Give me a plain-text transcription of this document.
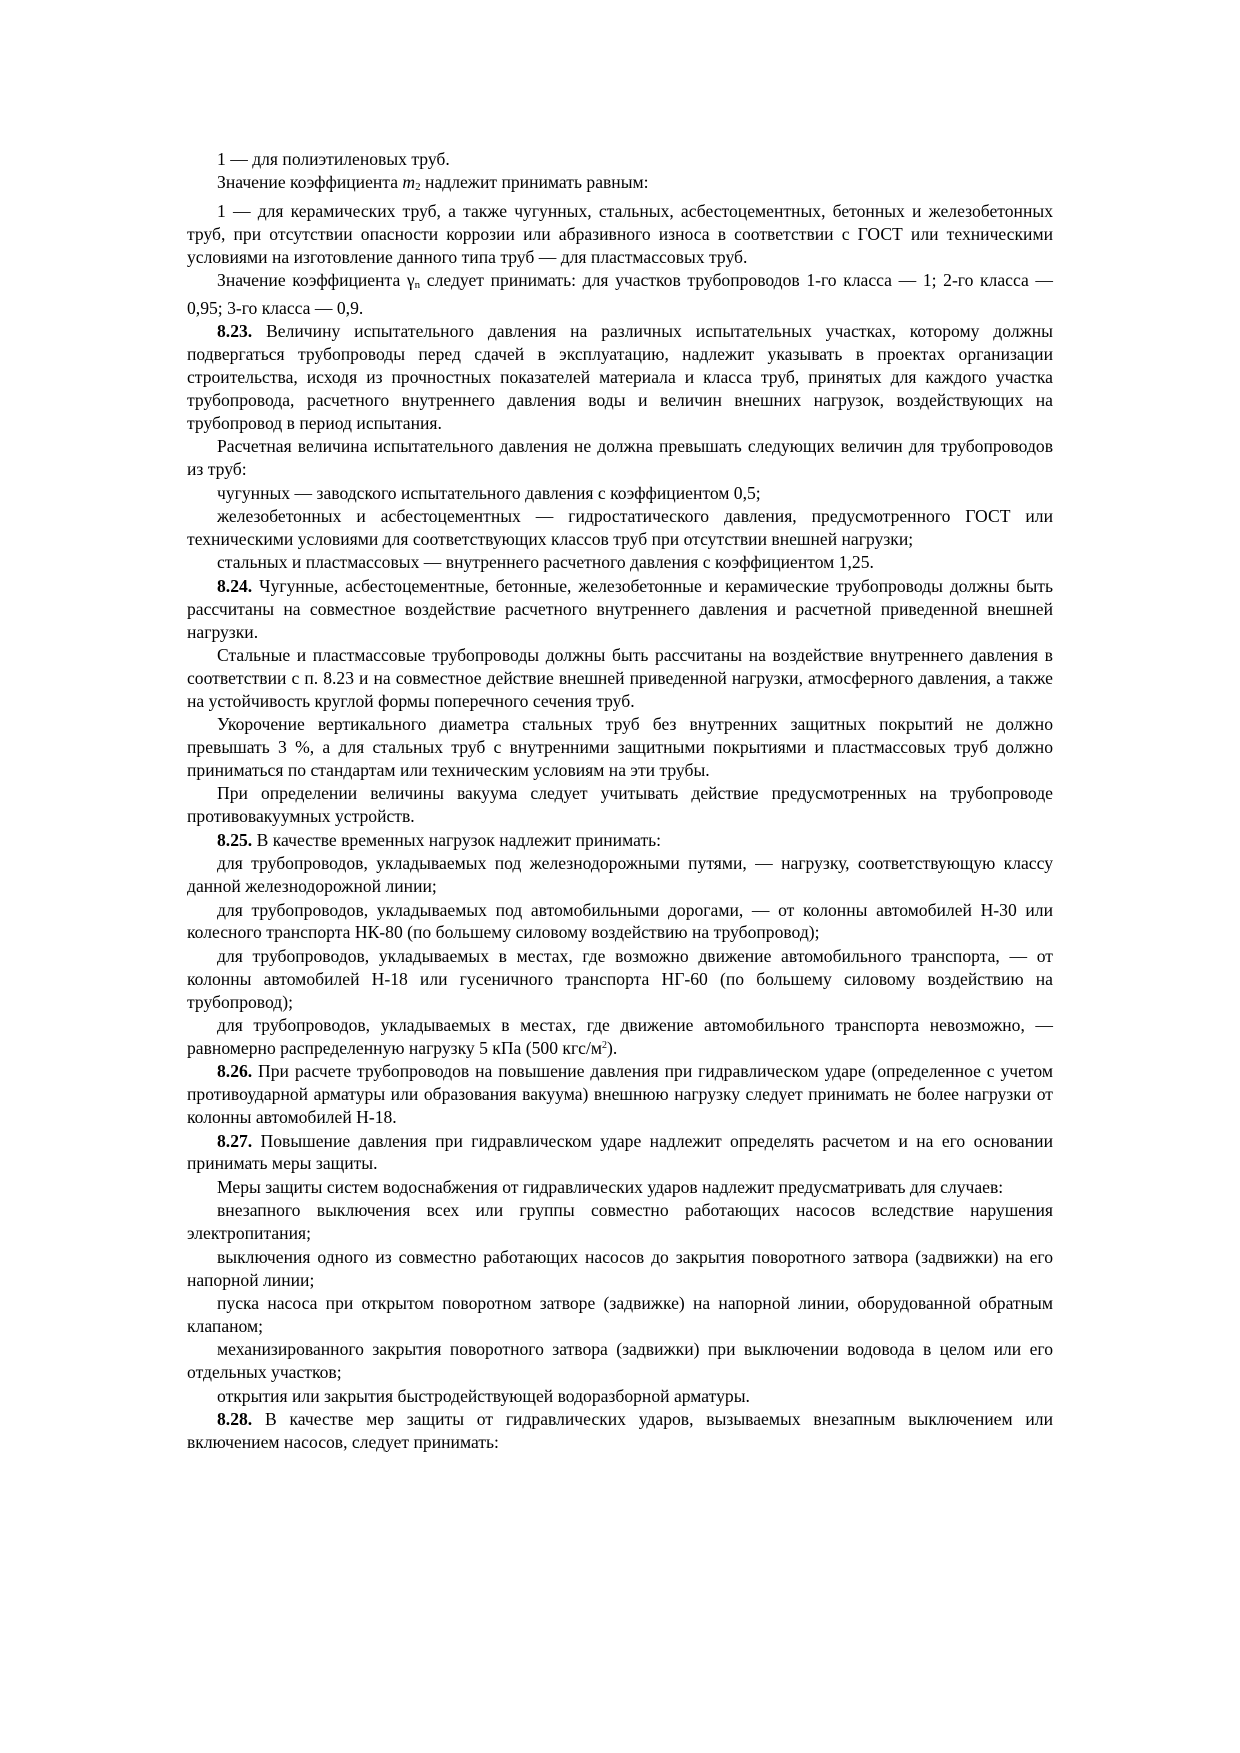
1 — для полиэтиленовых труб.

Значение коэффициента m2 надлежит принимать равным:

1 — для керамических труб, а также чугунных, стальных, асбестоцементных, бетонных и железобетонных труб, при отсутствии опасности коррозии или абразивного износа в соответствии с ГОСТ или техническими условиями на изготовление данного типа труб — для пластмассовых труб.

Значение коэффициента γn следует принимать: для участков трубопроводов 1-го класса — 1; 2-го класса — 0,95; 3-го класса — 0,9.

8.23. Величину испытательного давления на различных испытательных участках, которому должны подвергаться трубопроводы перед сдачей в эксплуатацию, надлежит указывать в проектах организации строительства, исходя из прочностных показателей материала и класса труб, принятых для каждого участка трубопровода, расчетного внутреннего давления воды и величин внешних нагрузок, воздействующих на трубопровод в период испытания.

Расчетная величина испытательного давления не должна превышать следующих величин для трубопроводов из труб:

чугунных — заводского испытательного давления с коэффициентом 0,5;

железобетонных и асбестоцементных — гидростатического давления, предусмотренного ГОСТ или техническими условиями для соответствующих классов труб при отсутствии внешней нагрузки;

стальных и пластмассовых — внутреннего расчетного давления с коэффициентом 1,25.

8.24. Чугунные, асбестоцементные, бетонные, железобетонные и керамические трубопроводы должны быть рассчитаны на совместное воздействие расчетного внутреннего давления и расчетной приведенной внешней нагрузки.

Стальные и пластмассовые трубопроводы должны быть рассчитаны на воздействие внутреннего давления в соответствии с п. 8.23 и на совместное действие внешней приведенной нагрузки, атмосферного давления, а также на устойчивость круглой формы поперечного сечения труб.

Укорочение вертикального диаметра стальных труб без внутренних защитных покрытий не должно превышать 3 %, а для стальных труб с внутренними защитными покрытиями и пластмассовых труб должно приниматься по стандартам или техническим условиям на эти трубы.

При определении величины вакуума следует учитывать действие предусмотренных на трубопроводе противовакуумных устройств.

8.25. В качестве временных нагрузок надлежит принимать:

для трубопроводов, укладываемых под железнодорожными путями, — нагрузку, соответствующую классу данной железнодорожной линии;

для трубопроводов, укладываемых под автомобильными дорогами, — от колонны автомобилей Н-30 или колесного транспорта НК-80 (по большему силовому воздействию на трубопровод);

для трубопроводов, укладываемых в местах, где возможно движение автомобильного транспорта, — от колонны автомобилей Н-18 или гусеничного транспорта НГ-60 (по большему силовому воздействию на трубопровод);

для трубопроводов, укладываемых в местах, где движение автомобильного транспорта невозможно, — равномерно распределенную нагрузку 5 кПа (500 кгс/$м^2$).

8.26. При расчете трубопроводов на повышение давления при гидравлическом ударе (определенное с учетом противоударной арматуры или образования вакуума) внешнюю нагрузку следует принимать не более нагрузки от колонны автомобилей Н-18.

8.27. Повышение давления при гидравлическом ударе надлежит определять расчетом и на его основании принимать меры защиты.

Меры защиты систем водоснабжения от гидравлических ударов надлежит предусматривать для случаев:

внезапного выключения всех или группы совместно работающих насосов вследствие нарушения электропитания;

выключения одного из совместно работающих насосов до закрытия поворотного затвора (задвижки) на его напорной линии;

пуска насоса при открытом поворотном затворе (задвижке) на напорной линии, оборудованной обратным клапаном;

механизированного закрытия поворотного затвора (задвижки) при выключении водовода в целом или его отдельных участков;

открытия или закрытия быстродействующей водоразборной арматуры.

8.28. В качестве мер защиты от гидравлических ударов, вызываемых внезапным выключением или включением насосов, следует принимать:
